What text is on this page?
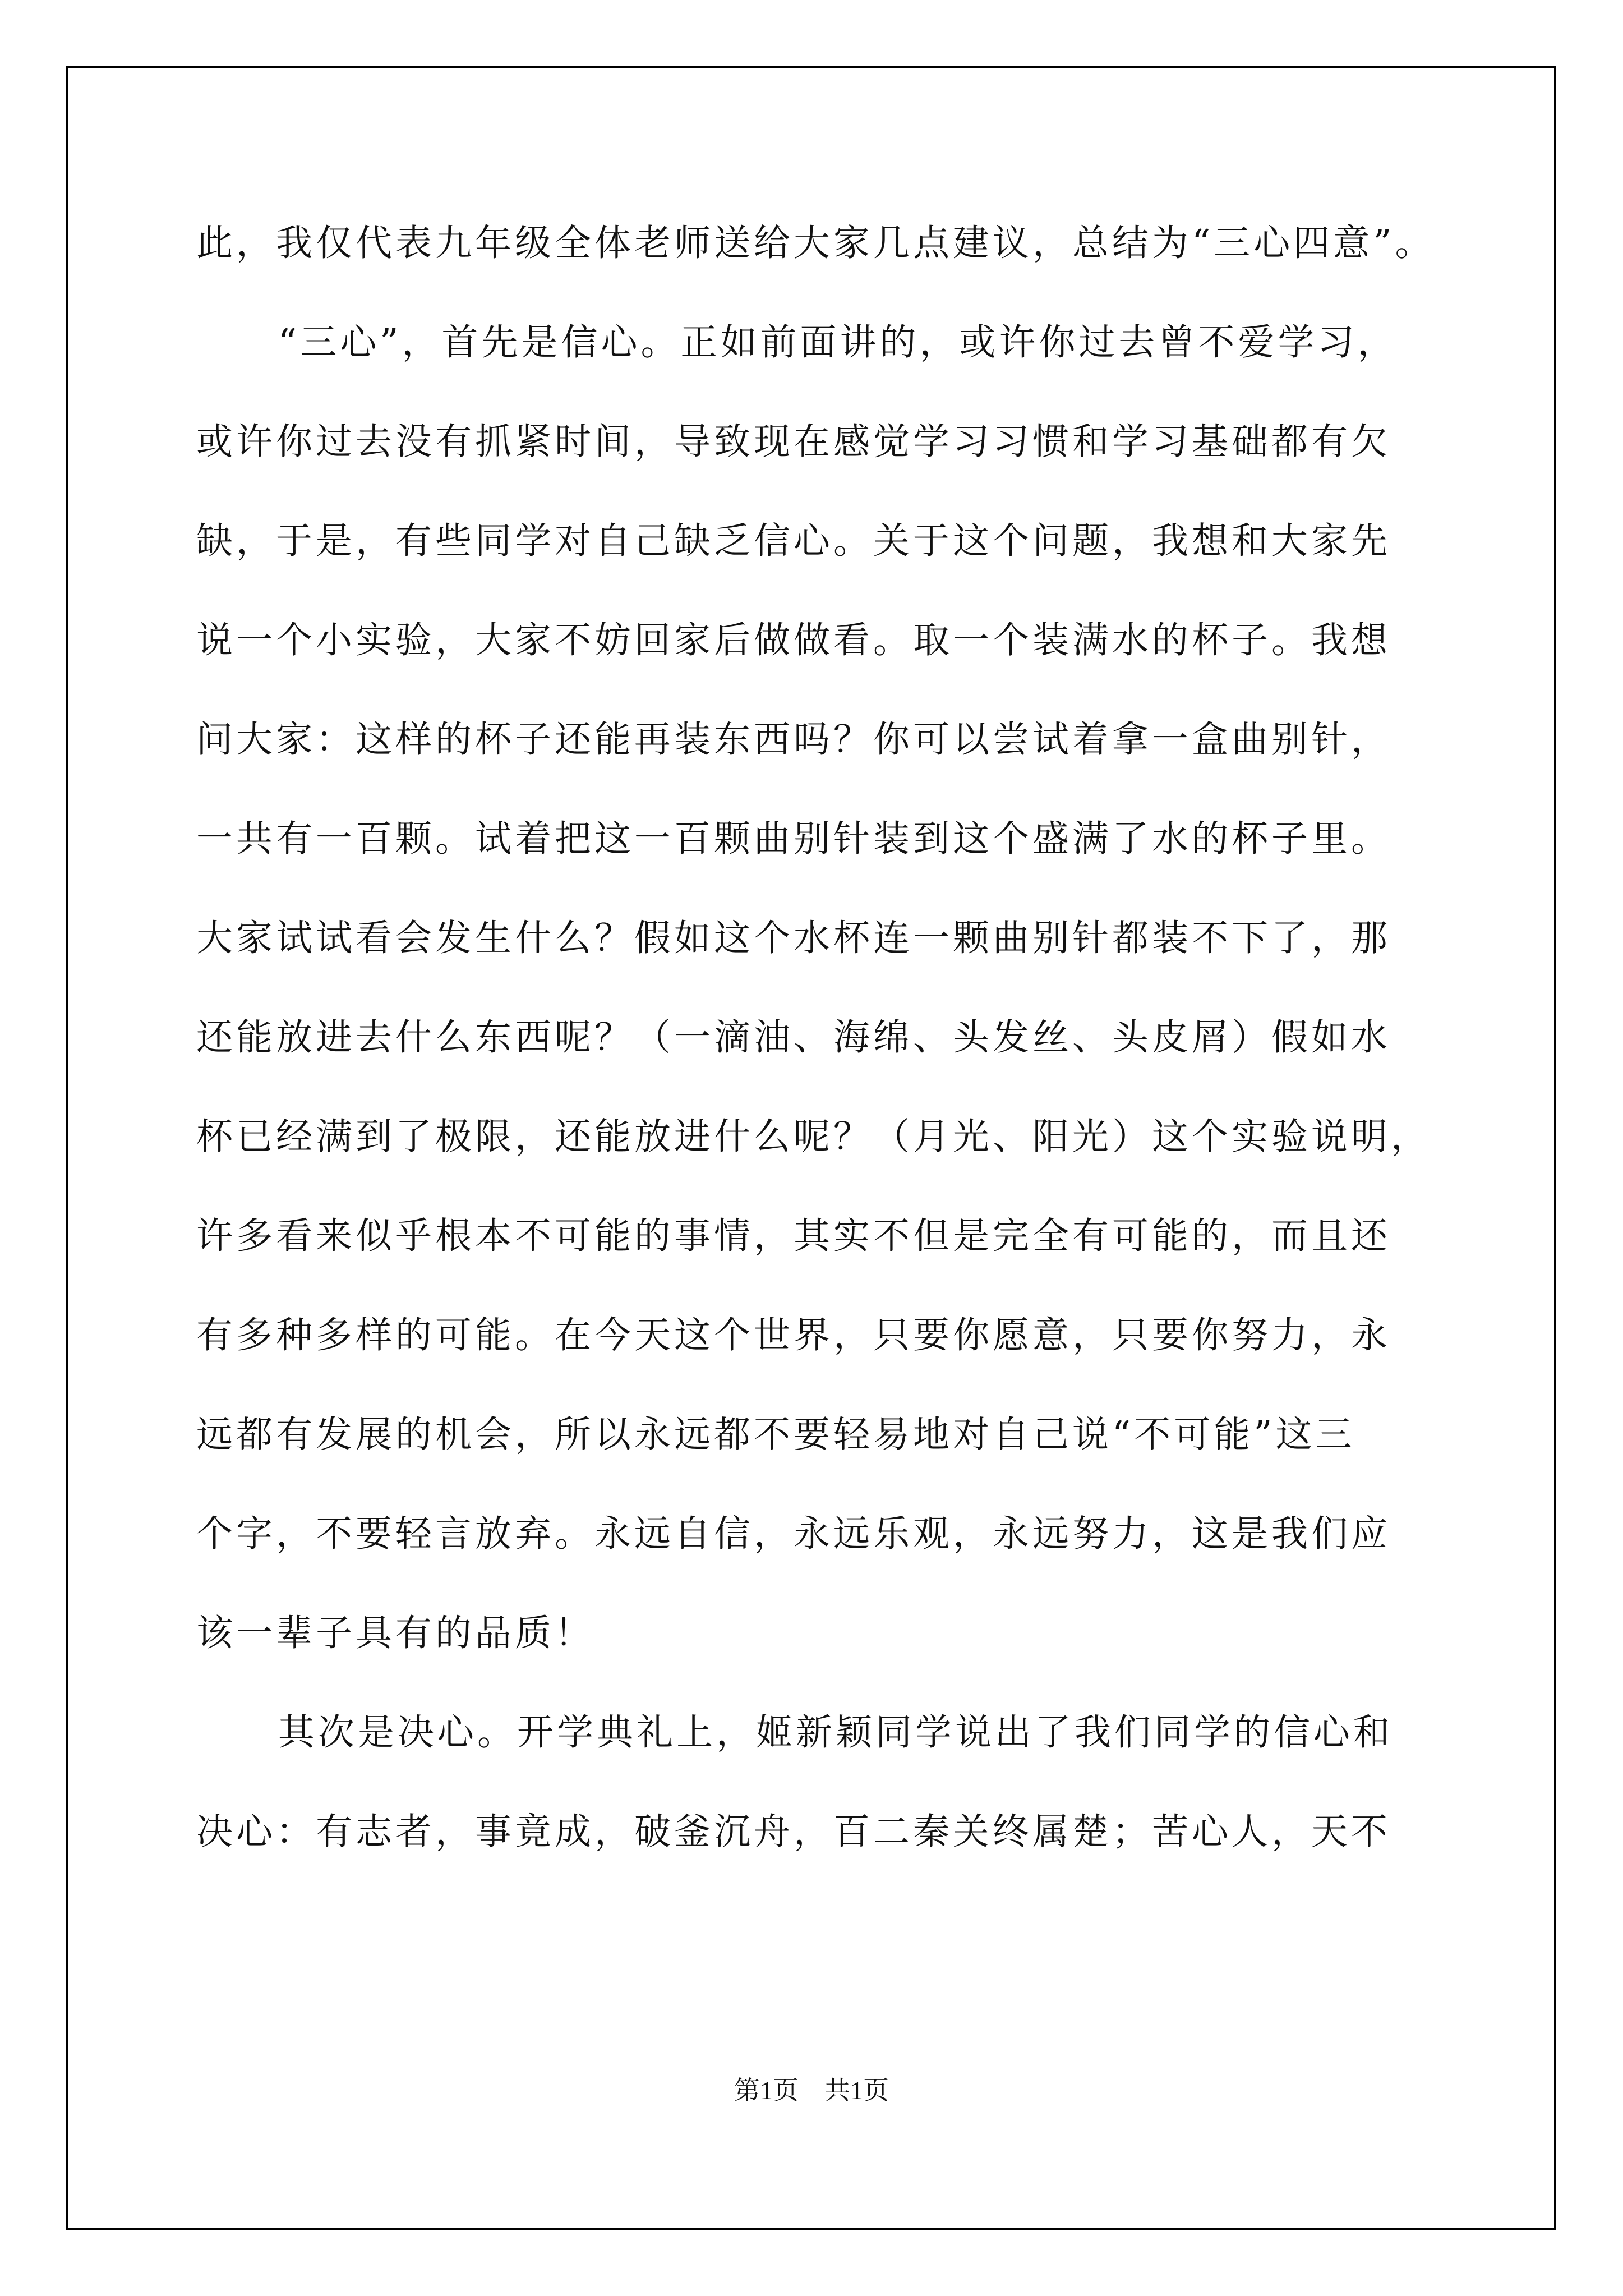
此，我仅代表九年级全体老师送给大家几点建议，总结为“三心四意”。
“三心”，首先是信心。正如前面讲的，或许你过去曾不爱学习，
或许你过去没有抓紧时间，导致现在感觉学习习惯和学习基础都有欠
缺，于是，有些同学对自己缺乏信心。关于这个问题，我想和大家先
说一个小实验，大家不妨回家后做做看。取一个装满水的杯子。我想
问大家：这样的杯子还能再装东西吗？你可以尝试着拿一盒曲别针，
一共有一百颗。试着把这一百颗曲别针装到这个盛满了水的杯子里。
大家试试看会发生什么？假如这个水杯连一颗曲别针都装不下了，那
还能放进去什么东西呢？（一滴油、海绵、头发丝、头皮屑）假如水
杯已经满到了极限，还能放进什么呢？（月光、阳光）这个实验说明，
许多看来似乎根本不可能的事情，其实不但是完全有可能的，而且还
有多种多样的可能。在今天这个世界，只要你愿意，只要你努力，永
远都有发展的机会，所以永远都不要轻易地对自己说“不可能”这三
个字，不要轻言放弃。永远自信，永远乐观，永远努力，这是我们应
该一辈子具有的品质！
其次是决心。开学典礼上，姬新颖同学说出了我们同学的信心和
决心：有志者，事竟成，破釜沉舟，百二秦关终属楚；苦心人，天不
第1页　共1页
